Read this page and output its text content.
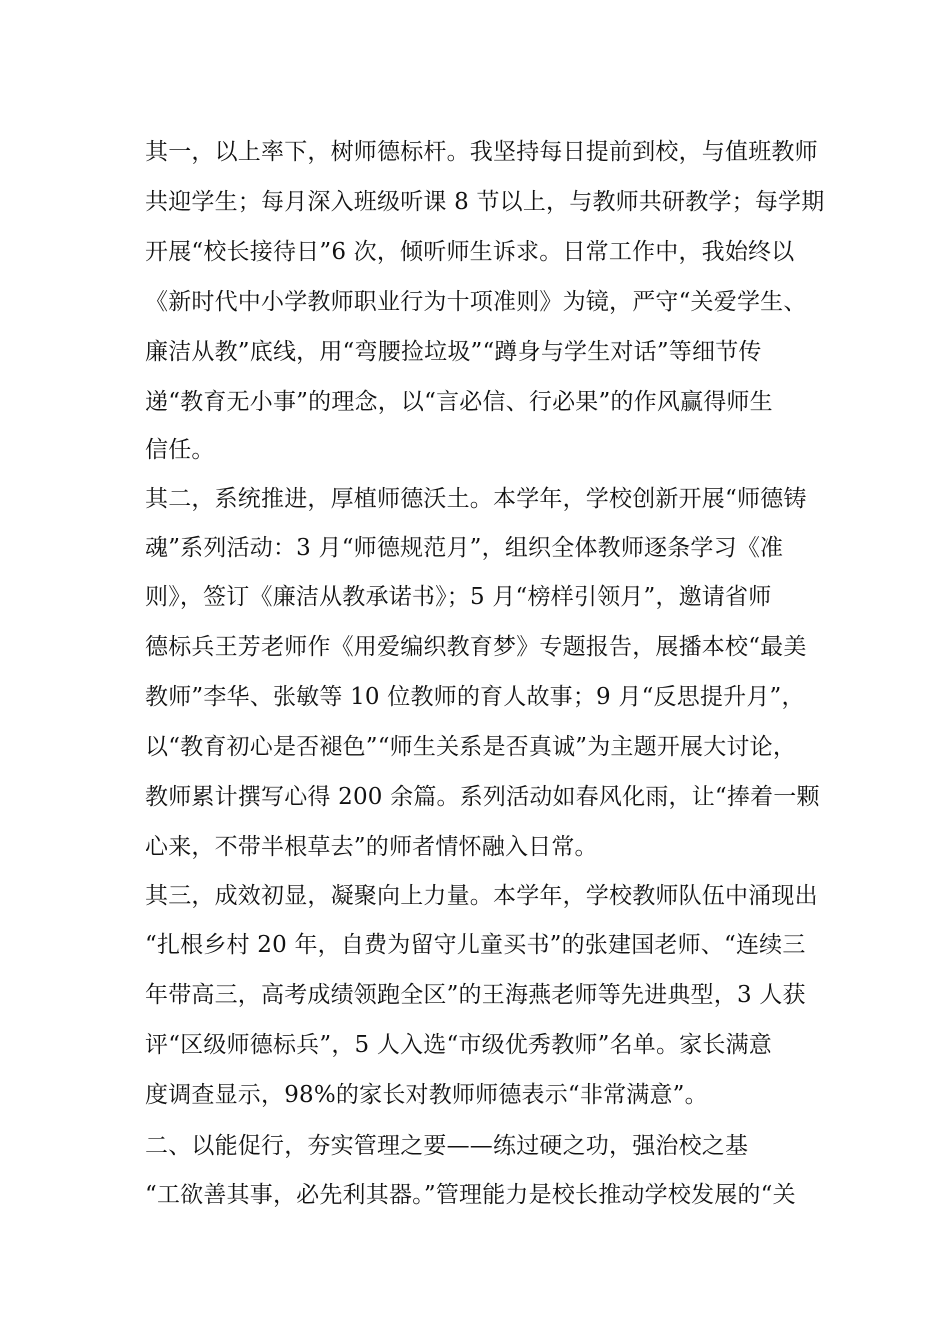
其一，以上率下，树师德标杆。我坚持每日提前到校，与值班教师
共迎学生；每月深入班级听课 8 节以上，与教师共研教学；每学期
开展“校长接待日”6 次，倾听师生诉求。日常工作中，我始终以
《新时代中小学教师职业行为十项准则》为镜，严守“关爱学生、
廉洁从教”底线，用“弯腰捡垃圾”“蹲身与学生对话”等细节传
递“教育无小事”的理念，以“言必信、行必果”的作风赢得师生
信任。
其二，系统推进，厚植师德沃土。本学年，学校创新开展“师德铸
魂”系列活动：3 月“师德规范月”，组织全体教师逐条学习《准
则》，签订《廉洁从教承诺书》；5 月“榜样引领月”，邀请省师
德标兵王芳老师作《用爱编织教育梦》专题报告，展播本校“最美
教师”李华、张敏等 10 位教师的育人故事；9 月“反思提升月”，
以“教育初心是否褪色”“师生关系是否真诚”为主题开展大讨论，
教师累计撰写心得 200 余篇。系列活动如春风化雨，让“捧着一颗
心来，不带半根草去”的师者情怀融入日常。
其三，成效初显，凝聚向上力量。本学年，学校教师队伍中涌现出
“扎根乡村 20 年，自费为留守儿童买书”的张建国老师、“连续三
年带高三，高考成绩领跑全区”的王海燕老师等先进典型，3 人获
评“区级师德标兵”，5 人入选“市级优秀教师”名单。家长满意
度调查显示，98%的家长对教师师德表示“非常满意”。
二、以能促行，夯实管理之要——练过硬之功，强治校之基
“工欲善其事，必先利其器。”管理能力是校长推动学校发展的“关
